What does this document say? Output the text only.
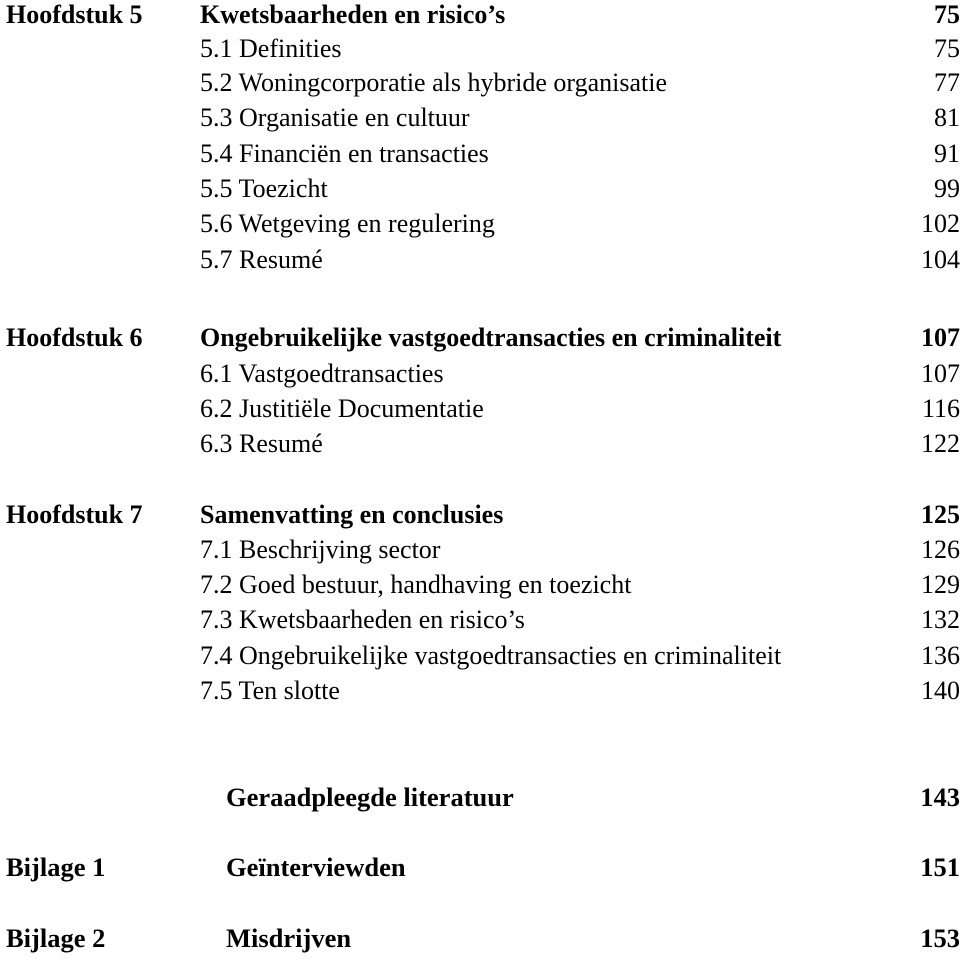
Hoofdstuk 5 Kwetsbaarheden en risico’s	75
5.1 Definities	75
5.2 Woningcorporatie als hybride organisatie	77
5.3 Organisatie en cultuur	81
5.4 Financiën en transacties	91
5.5 Toezicht	99
5.6 Wetgeving en regulering	102
5.7 Resumé	104
Hoofdstuk 6 Ongebruikelijke vastgoedtransacties en criminaliteit	107
6.1 Vastgoedtransacties	107
6.2 Justitiële Documentatie	116
6.3 Resumé	122
Hoofdstuk 7 Samenvatting en conclusies	125
7.1 Beschrijving sector	126
7.2 Goed bestuur, handhaving en toezicht	129
7.3 Kwetsbaarheden en risico’s	132
7.4 Ongebruikelijke vastgoedtransacties en criminaliteit	136
7.5 Ten slotte	140
Geraadpleegde literatuur	143
Bijlage 1	Geïnterviewden	151
Bijlage 2	Misdrijven	153
